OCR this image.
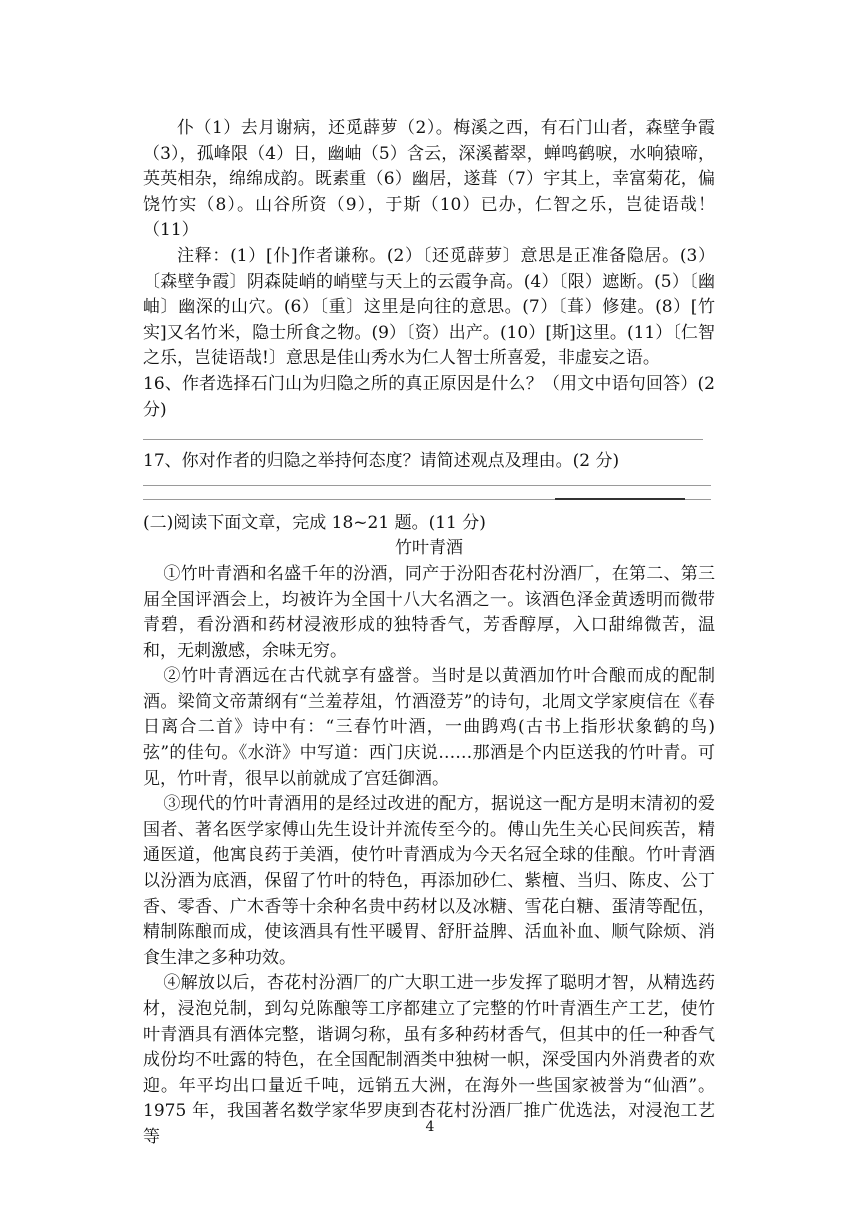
仆（1）去月谢病，还觅薜萝（2）。梅溪之西，有石门山者，森壁争霞（3），孤峰限（4）日，幽岫（5）含云，深溪蓄翠，蝉鸣鹤唳，水响猿啼，英英相杂，绵绵成韵。既素重（6）幽居，遂葺（7）宇其上，幸富菊花，偏饶竹实（8）。山谷所资（9），于斯（10）已办，仁智之乐，岂徒语哉！（11）

注释：(1）[仆]作者谦称。(2）〔还觅薜萝〕意思是正准备隐居。(3）〔森壁争霞〕阴森陡峭的峭壁与天上的云霞争高。(4）〔限）遮断。(5）〔幽岫〕幽深的山穴。(6）〔重〕这里是向往的意思。(7）〔葺）修建。(8）[竹实]又名竹米，隐士所食之物。(9）〔资）出产。(10）[斯]这里。(11）〔仁智之乐，岂徒语哉!〕意思是佳山秀水为仁人智士所喜爱，非虚妄之语。

16、作者选择石门山为归隐之所的真正原因是什么？（用文中语句回答）(2分)

17、你对作者的归隐之举持何态度？请简述观点及理由。(2 分)

(二)阅读下面文章，完成 18~21 题。(11 分)

竹叶青酒

①竹叶青酒和名盛千年的汾酒，同产于汾阳杏花村汾酒厂，在第二、第三届全国评酒会上，均被许为全国十八大名酒之一。该酒色泽金黄透明而微带青碧，看汾酒和药材浸液形成的独特香气，芳香醇厚，入口甜绵微苦，温和，无刺激感，余味无穷。

②竹叶青酒远在古代就享有盛誉。当时是以黄酒加竹叶合酿而成的配制酒。梁简文帝萧纲有“兰羞荐俎，竹酒澄芳”的诗句，北周文学家庾信在《春日离合二首》诗中有：“三春竹叶酒，一曲鹍鸡(古书上指形状象鹤的鸟)弦”的佳句。《水浒》中写道：西门庆说……那酒是个内臣送我的竹叶青。可见，竹叶青，很早以前就成了宫廷御酒。

③现代的竹叶青酒用的是经过改进的配方，据说这一配方是明末清初的爱国者、著名医学家傅山先生设计并流传至今的。傅山先生关心民间疾苦，精通医道，他寓良药于美酒，使竹叶青酒成为今天名冠全球的佳酿。竹叶青酒以汾酒为底酒，保留了竹叶的特色，再添加砂仁、紫檀、当归、陈皮、公丁香、零香、广木香等十余种名贵中药材以及冰糖、雪花白糖、蛋清等配伍，精制陈酿而成，使该酒具有性平暖胃、舒肝益脾、活血补血、顺气除烦、消食生津之多种功效。

④解放以后，杏花村汾酒厂的广大职工进一步发挥了聪明才智，从精选药材，浸泡兑制，到勾兑陈酿等工序都建立了完整的竹叶青酒生产工艺，使竹叶青酒具有酒体完整，谐调匀称，虽有多种药材香气，但其中的任一种香气成份均不吐露的特色，在全国配制酒类中独树一帜，深受国内外消费者的欢迎。年平均出口量近千吨，远销五大洲，在海外一些国家被誉为“仙酒”。1975 年，我国著名数学家华罗庚到杏花村汾酒厂推广优选法，对浸泡工艺等	4
